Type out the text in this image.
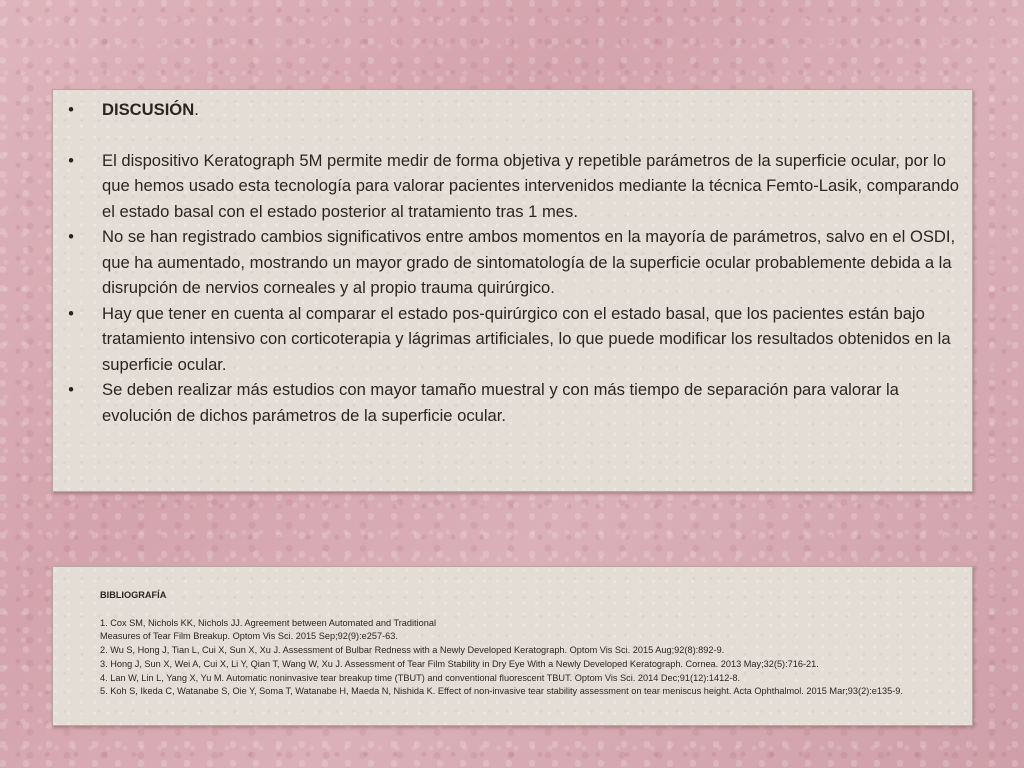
•	DISCUSIÓN.
•	El dispositivo Keratograph 5M permite medir de forma objetiva y repetible parámetros de la superficie ocular, por lo que hemos usado esta tecnología para valorar pacientes intervenidos mediante la técnica Femto-Lasik, comparando el estado basal con el estado posterior al tratamiento tras 1 mes.
•	No se han registrado cambios significativos entre ambos momentos en la mayoría de parámetros, salvo en el OSDI, que ha aumentado, mostrando un mayor grado de sintomatología de la superficie ocular probablemente debida a la disrupción de nervios corneales y al propio trauma quirúrgico.
•	Hay que tener en cuenta al comparar el estado pos-quirúrgico con el estado basal, que los pacientes están bajo tratamiento intensivo con corticoterapia y lágrimas artificiales, lo que puede modificar los resultados obtenidos en la superficie ocular.
•	Se deben realizar más estudios con mayor tamaño muestral y con más tiempo de separación para valorar la evolución de dichos parámetros de la superficie ocular.
BIBLIOGRAFÍA
1. Cox SM, Nichols KK, Nichols JJ. Agreement between Automated and Traditional
Measures of Tear Film Breakup. Optom Vis Sci. 2015 Sep;92(9):e257-63.
2. Wu S, Hong J, Tian L, Cui X, Sun X, Xu J. Assessment of Bulbar Redness with a Newly Developed Keratograph. Optom Vis Sci. 2015 Aug;92(8):892-9.
3. Hong J, Sun X, Wei A, Cui X, Li Y, Qian T, Wang W, Xu J. Assessment of Tear Film Stability in Dry Eye With a Newly Developed Keratograph. Cornea. 2013 May;32(5):716-21.
4. Lan W, Lin L, Yang X, Yu M. Automatic noninvasive tear breakup time (TBUT) and conventional fluorescent TBUT. Optom Vis Sci. 2014 Dec;91(12):1412-8.
5. Koh S, Ikeda C, Watanabe S, Oie Y, Soma T, Watanabe H, Maeda N, Nishida K. Effect of non-invasive tear stability assessment on tear meniscus height. Acta Ophthalmol. 2015 Mar;93(2):e135-9.
